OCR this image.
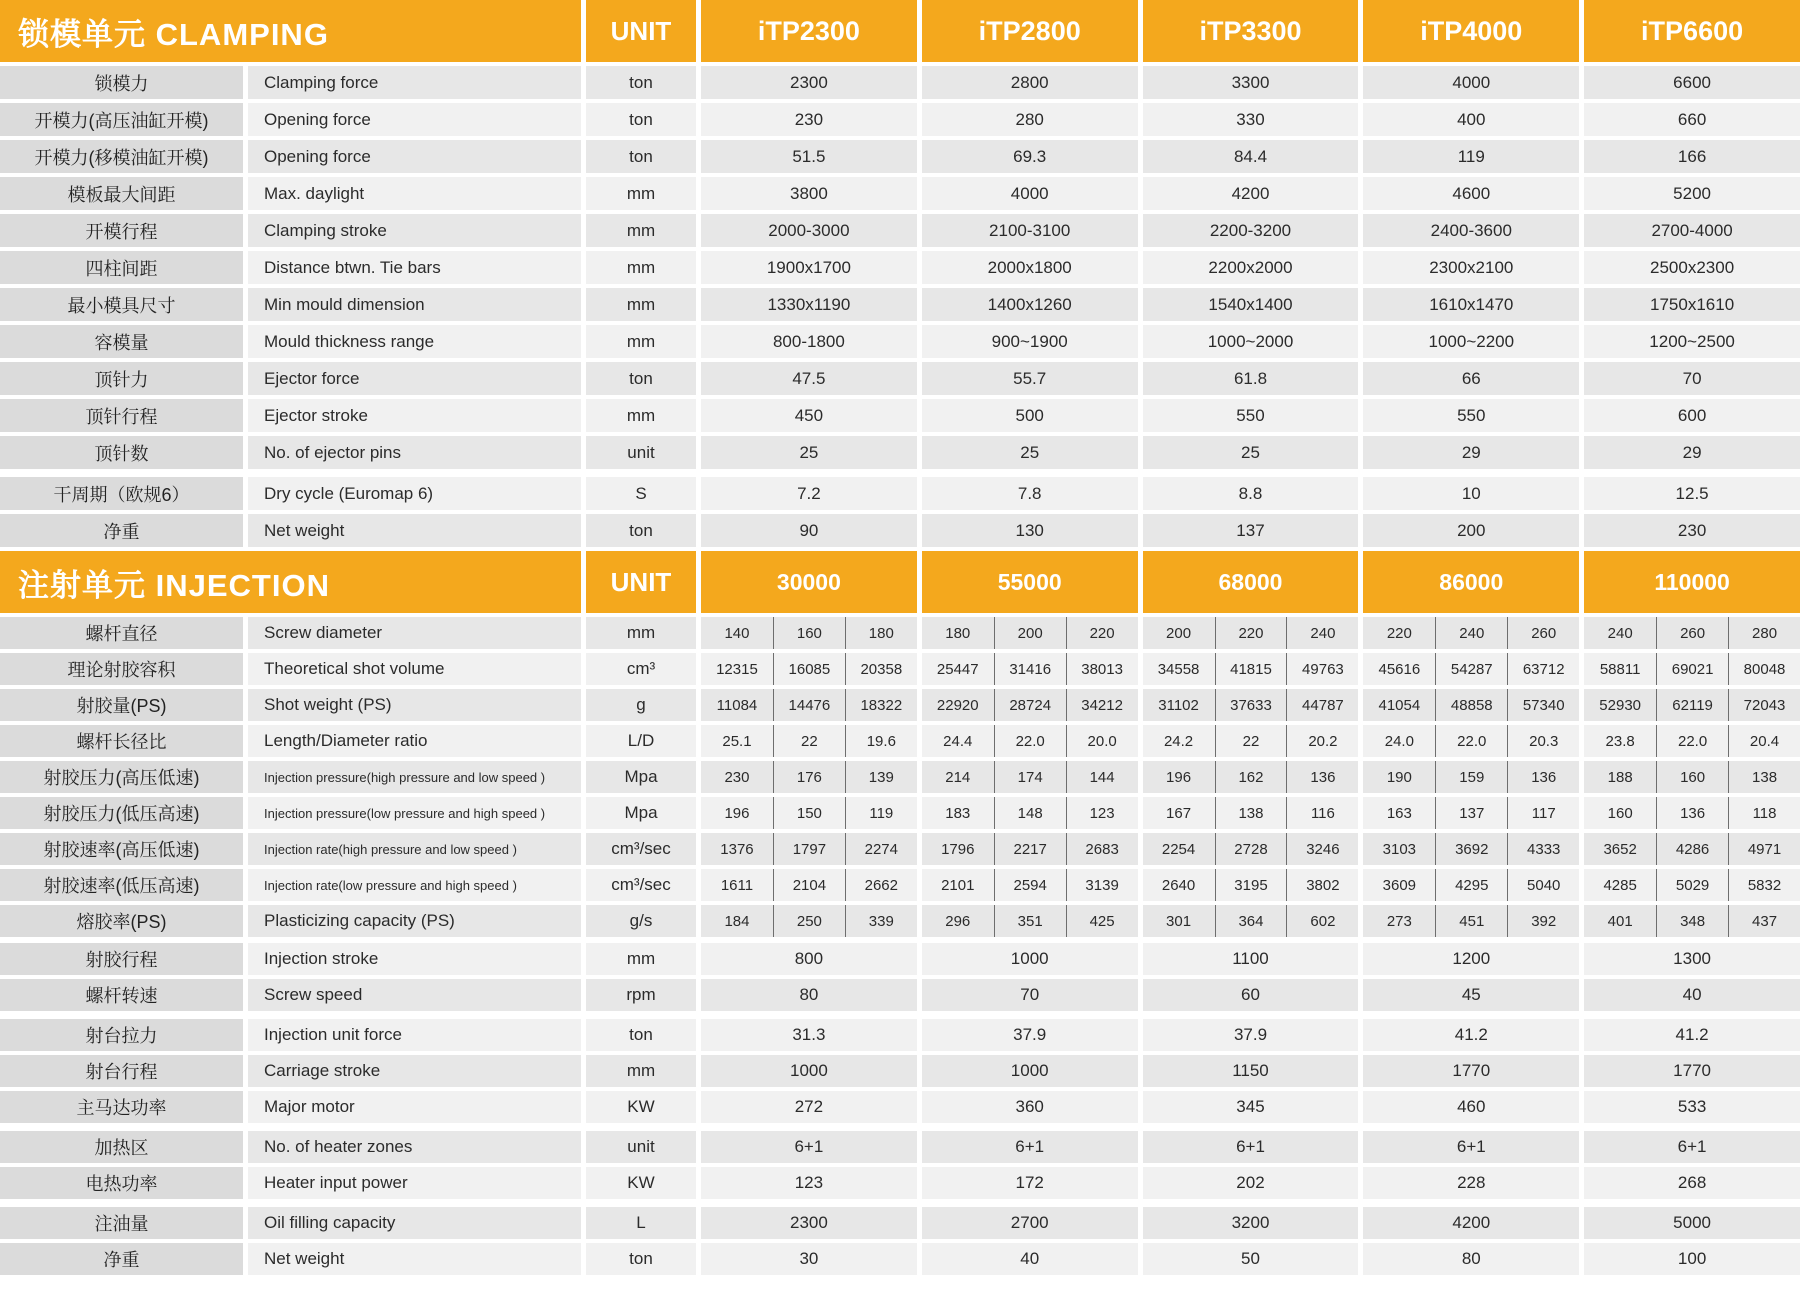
锁模单元 CLAMPING	UNIT	iTP2300	iTP2800	iTP3300	iTP4000	iTP6600
锁模力	Clamping force	ton	2300	2800	3300	4000	6600
开模力(高压油缸开模)	Opening force	ton	230	280	330	400	660
开模力(移模油缸开模)	Opening force	ton	51.5	69.3	84.4	119	166
模板最大间距	Max. daylight	mm	3800	4000	4200	4600	5200
开模行程	Clamping stroke	mm	2000-3000	2100-3100	2200-3200	2400-3600	2700-4000
四柱间距	Distance btwn. Tie bars	mm	1900x1700	2000x1800	2200x2000	2300x2100	2500x2300
最小模具尺寸	Min mould dimension	mm	1330x1190	1400x1260	1540x1400	1610x1470	1750x1610
容模量	Mould thickness range	mm	800-1800	900~1900	1000~2000	1000~2200	1200~2500
顶针力	Ejector force	ton	47.5	55.7	61.8	66	70
顶针行程	Ejector stroke	mm	450	500	550	550	600
顶针数	No. of ejector pins	unit	25	25	25	29	29
干周期（欧规6）	Dry cycle (Euromap 6)	S	7.2	7.8	8.8	10	12.5
净重	Net weight	ton	90	130	137	200	230
注射单元 INJECTION	UNIT	30000	55000	68000	86000	110000
螺杆直径	Screw diameter	mm	140	160	180	180	200	220	200	220	240	220	240	260	240	260	280
理论射胶容积	Theoretical shot volume	cm³	12315	16085	20358	25447	31416	38013	34558	41815	49763	45616	54287	63712	58811	69021	80048
射胶量(PS)	Shot weight (PS)	g	11084	14476	18322	22920	28724	34212	31102	37633	44787	41054	48858	57340	52930	62119	72043
螺杆长径比	Length/Diameter ratio	L/D	25.1	22	19.6	24.4	22.0	20.0	24.2	22	20.2	24.0	22.0	20.3	23.8	22.0	20.4
射胶压力(高压低速)	Injection pressure(high pressure and low speed )	Mpa	230	176	139	214	174	144	196	162	136	190	159	136	188	160	138
射胶压力(低压高速)	Injection pressure(low pressure and high speed )	Mpa	196	150	119	183	148	123	167	138	116	163	137	117	160	136	118
射胶速率(高压低速)	Injection rate(high pressure and low speed )	cm³/sec	1376	1797	2274	1796	2217	2683	2254	2728	3246	3103	3692	4333	3652	4286	4971
射胶速率(低压高速)	Injection rate(low pressure and high speed )	cm³/sec	1611	2104	2662	2101	2594	3139	2640	3195	3802	3609	4295	5040	4285	5029	5832
熔胶率(PS)	Plasticizing capacity (PS)	g/s	184	250	339	296	351	425	301	364	602	273	451	392	401	348	437
射胶行程	Injection stroke	mm	800	1000	1100	1200	1300
螺杆转速	Screw speed	rpm	80	70	60	45	40
射台拉力	Injection unit force	ton	31.3	37.9	37.9	41.2	41.2
射台行程	Carriage stroke	mm	1000	1000	1150	1770	1770
主马达功率	Major motor	KW	272	360	345	460	533
加热区	No. of heater zones	unit	6+1	6+1	6+1	6+1	6+1
电热功率	Heater input power	KW	123	172	202	228	268
注油量	Oil filling capacity	L	2300	2700	3200	4200	5000
净重	Net weight	ton	30	40	50	80	100
